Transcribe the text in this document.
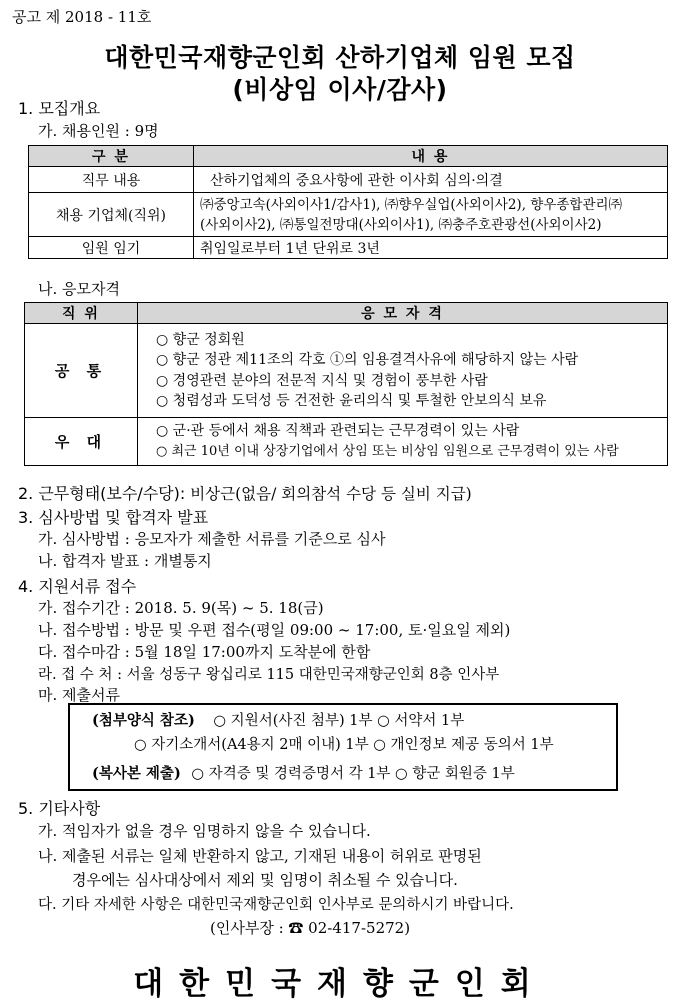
공고 제 2018 - 11호
대한민국재향군인회 산하기업체 임원 모집
(비상임 이사/감사)
1. 모집개요
가. 채용인원 : 9명
구 분	내 용
직무 내용	산하기업체의 중요사항에 관한 이사회 심의·의결
채용 기업체(직위)	㈜중앙고속(사외이사1/감사1), ㈜향우실업(사외이사2), 향우종합관리㈜
(사외이사2), ㈜통일전망대(사외이사1), ㈜충주호관광선(사외이사2)

임원 임기	취임일로부터 1년 단위로 3년
나. 응모자격
직 위	응 모 자 격
공 통	○ 향군 정회원
○ 향군 정관 제11조의 각호 ①의 임용결격사유에 해당하지 않는 사람
○ 경영관련 분야의 전문적 지식 및 경험이 풍부한 사람
○ 청렴성과 도덕성 등 건전한 윤리의식 및 투철한 안보의식 보유

우 대	○ 군·관 등에서 채용 직책과 관련되는 근무경력이 있는 사람
○ 최근 10년 이내 상장기업에서 상임 또는 비상임 임원으로 근무경력이 있는 사람
2. 근무형태(보수/수당): 비상근(없음/ 회의참석 수당 등 실비 지급)
3. 심사방법 및 합격자 발표
가. 심사방법 : 응모자가 제출한 서류를 기준으로 심사
나. 합격자 발표 : 개별통지
4. 지원서류 접수
가. 접수기간 : 2018. 5. 9(목) ~ 5. 18(금)
나. 접수방법 : 방문 및 우편 접수(평일 09:00 ~ 17:00, 토·일요일 제외)
다. 접수마감 : 5월 18일 17:00까지 도착분에 한함
라. 접 수 처 : 서울 성동구 왕십리로 115 대한민국재향군인회 8층 인사부
마. 제출서류
(첨부양식 참조) ○ 지원서(사진 첨부) 1부 ○ 서약서 1부
○ 자기소개서(A4용지 2매 이내) 1부 ○ 개인정보 제공 동의서 1부
(복사본 제출) ○ 자격증 및 경력증명서 각 1부 ○ 향군 회원증 1부
5. 기타사항
가. 적임자가 없을 경우 임명하지 않을 수 있습니다.
나. 제출된 서류는 일체 반환하지 않고, 기재된 내용이 허위로 판명된
경우에는 심사대상에서 제외 및 임명이 취소될 수 있습니다.
다. 기타 자세한 사항은 대한민국재향군인회 인사부로 문의하시기 바랍니다.
(인사부장 : ☎ 02-417-5272)
대한민국재향군인회
